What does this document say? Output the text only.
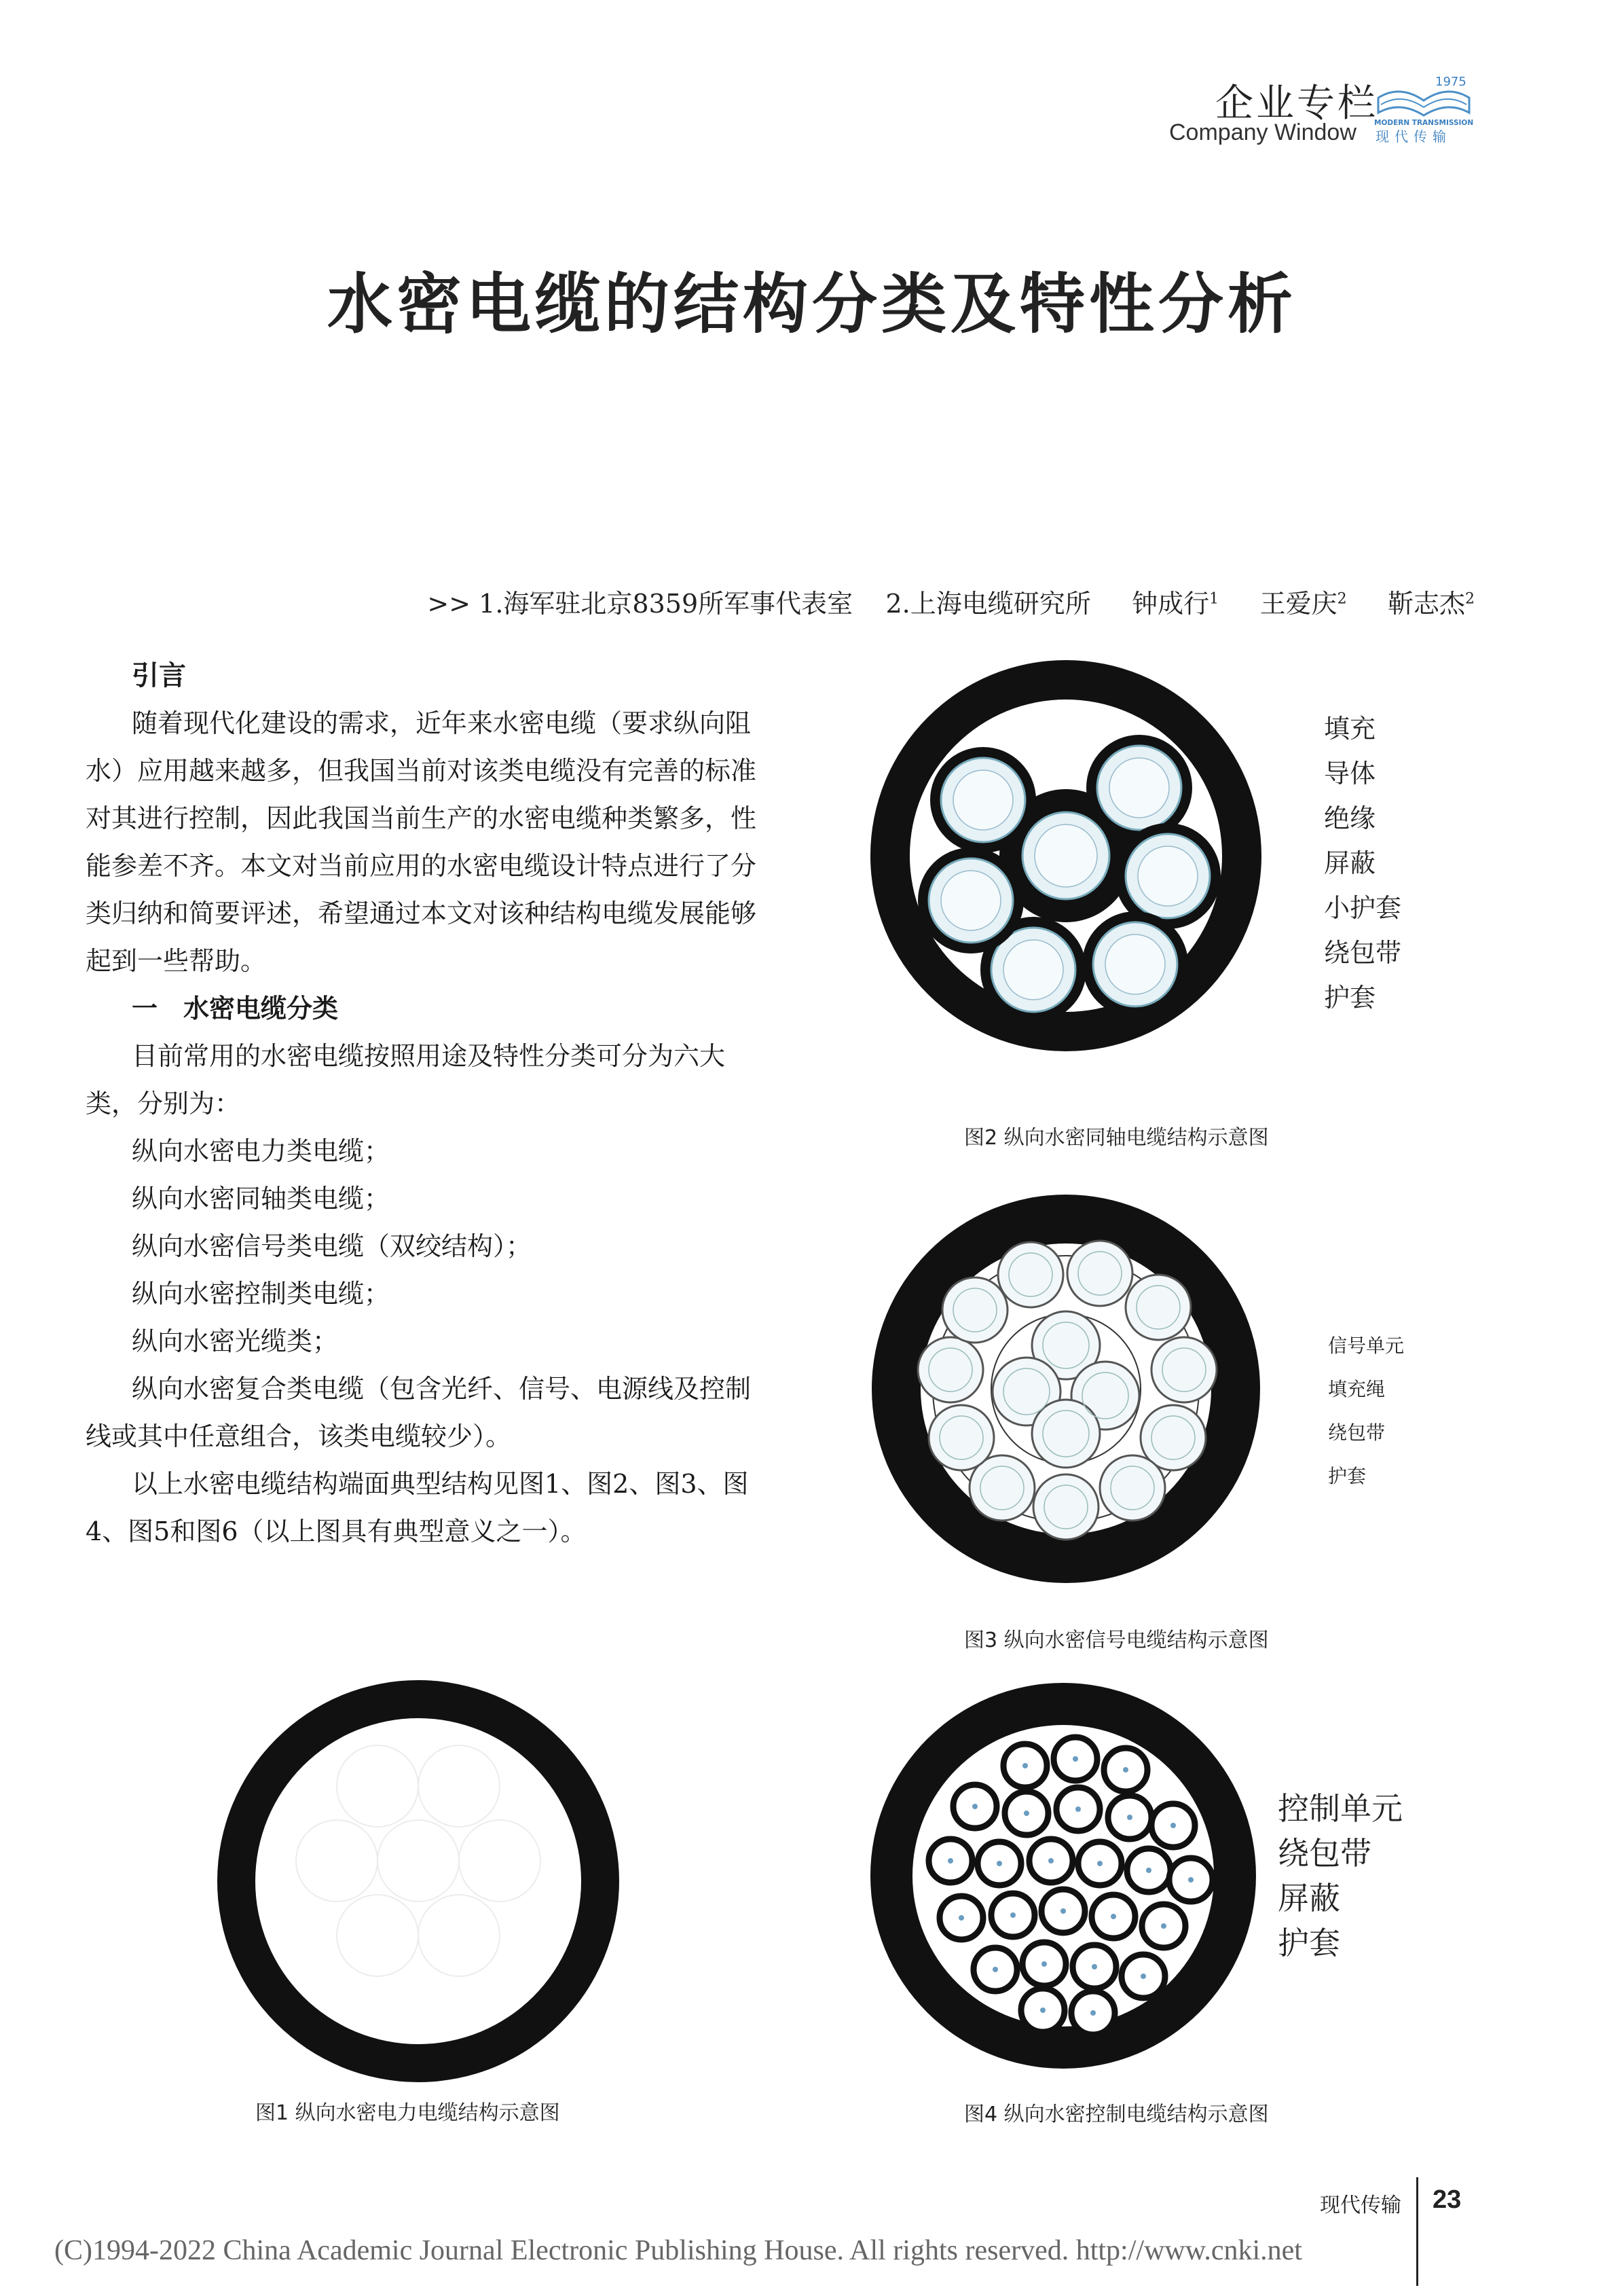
企业专栏
Company Window
1975
MODERN TRANSMISSION
现代传输
水密电缆的结构分类及特性分析
>> 1.海军驻北京8359所军事代表室 2.上海电缆研究所 钟成行$^1$ 王爱庆$^2$ 靳志杰$^2$

引言

随着现代化建设的需求，近年来水密电缆（要求纵向阻水）应用越来越多，但我国当前对该类电缆没有完善的标准对其进行控制，因此我国当前生产的水密电缆种类繁多，性能参差不齐。本文对当前应用的水密电缆设计特点进行了分类归纳和简要评述，希望通过本文对该种结构电缆发展能够起到一些帮助。

一　水密电缆分类

目前常用的水密电缆按照用途及特性分类可分为六大类，分别为：

纵向水密电力类电缆；

纵向水密同轴类电缆；

纵向水密信号类电缆（双绞结构）；

纵向水密控制类电缆；

纵向水密光缆类；

纵向水密复合类电缆（包含光纤、信号、电源线及控制线或其中任意组合，该类电缆较少）。

以上水密电缆结构端面典型结构见图1、图2、图3、图4、图5和图6（以上图具有典型意义之一）。

填充
导体
绝缘
屏蔽
小护套
绕包带
护套
图2 纵向水密同轴电缆结构示意图
信号单元
填充绳
绕包带
护套
图3 纵向水密信号电缆结构示意图
图1 纵向水密电力电缆结构示意图
控制单元
绕包带
屏蔽
护套
图4 纵向水密控制电缆结构示意图
现代传输 23
(C)1994-2022 China Academic Journal Electronic Publishing House. All rights reserved. http://www.cnki.net
